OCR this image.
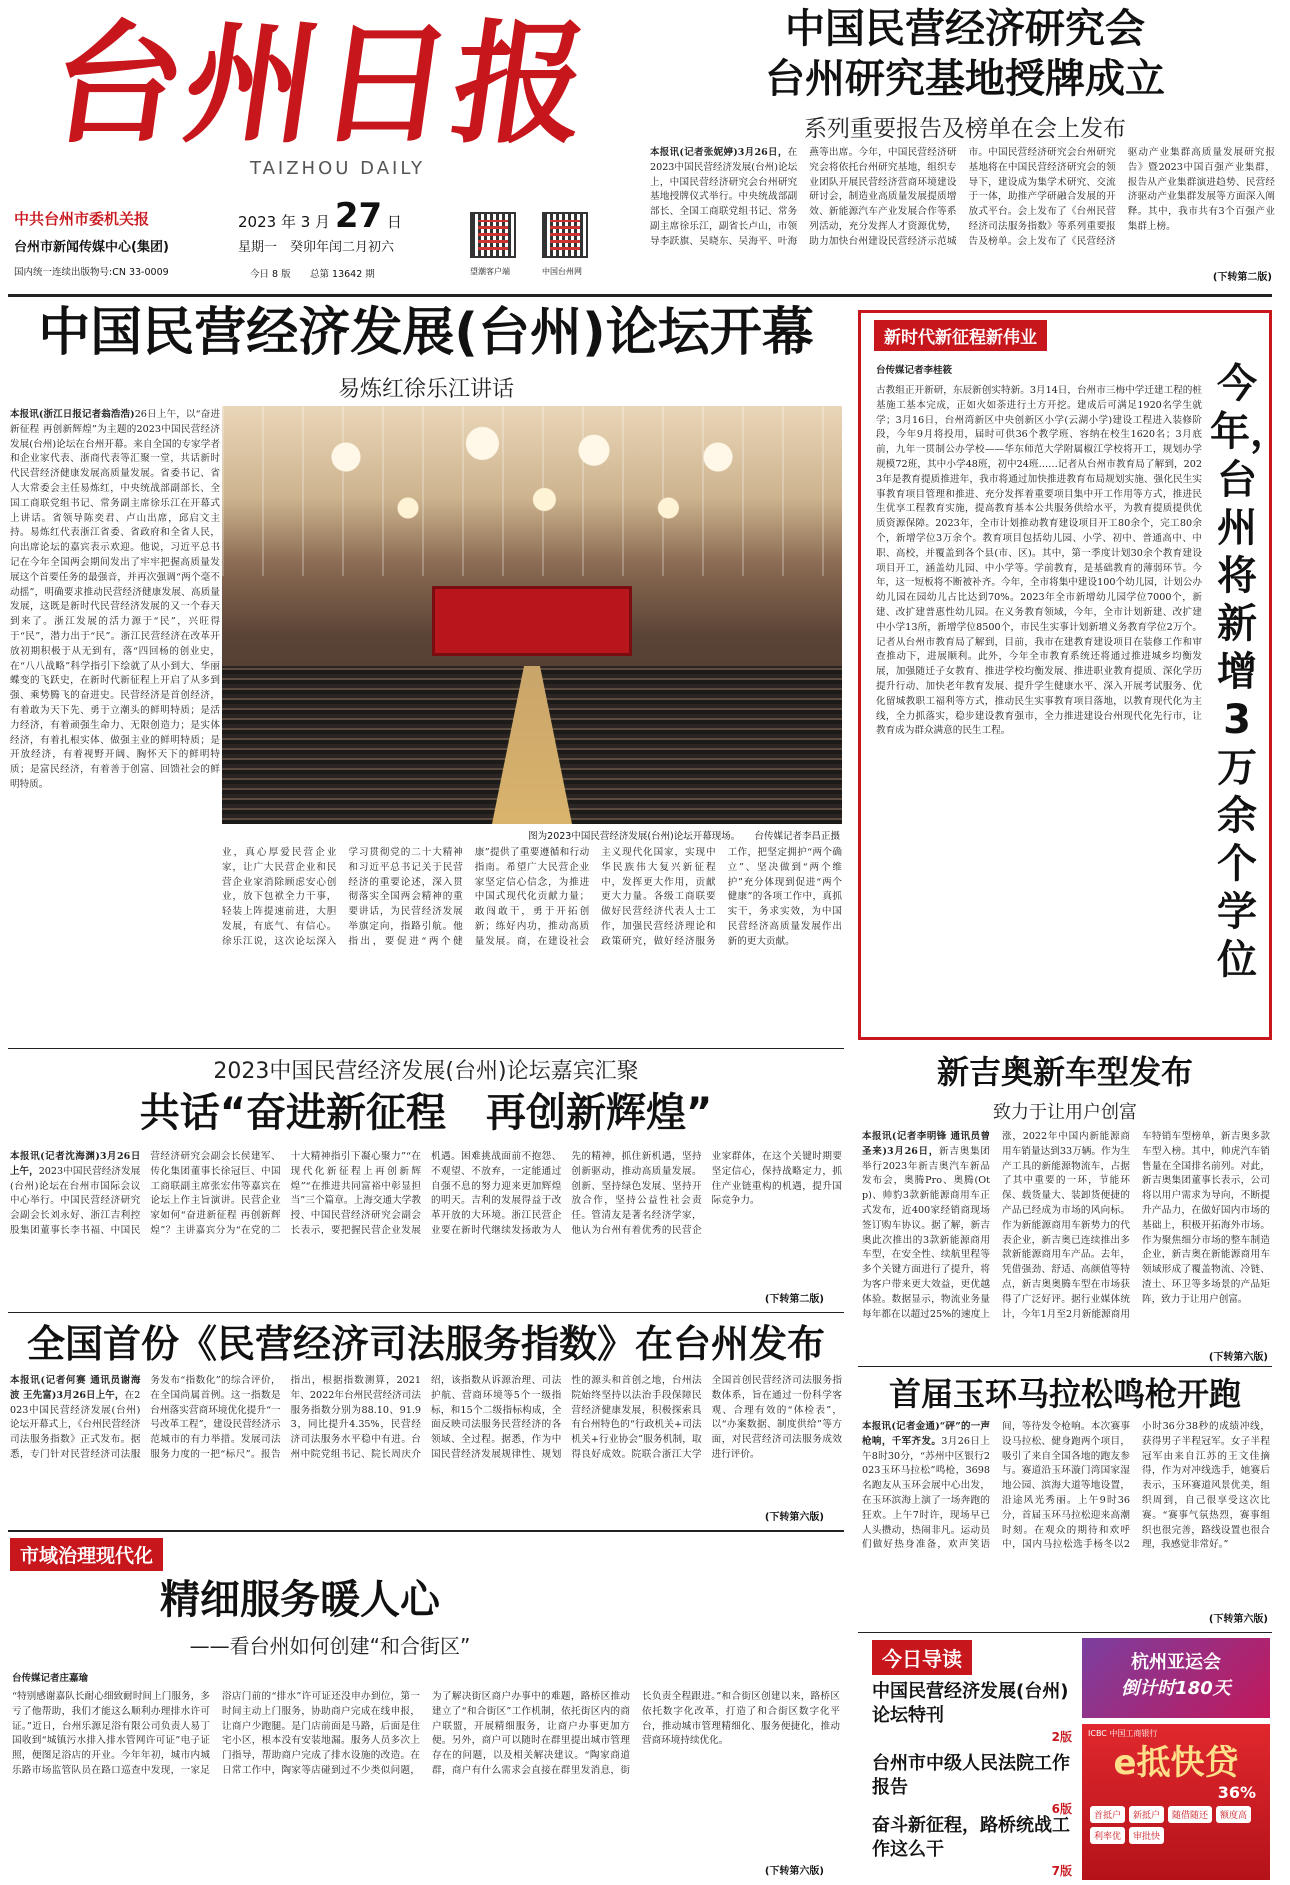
台州日报
TAIZHOU DAILY
中共台州市委机关报
台州市新闻传媒中心(集团)
国内统一连续出版物号:CN 33-0009
2023 年 3 月 27 日
星期一　癸卯年闰二月初六
今日 8 版 总第 13642 期	望潮客户端	中国台州网
中国民营经济研究会
台州研究基地授牌成立
系列重要报告及榜单在会上发布
本报讯(记者张妮婷)3月26日，在2023中国民营经济发展(台州)论坛上，中国民营经济研究会台州研究基地授牌仪式举行。中央统战部副部长、全国工商联党组书记、常务副主席徐乐江，副省长卢山，市领导李跃旗、吴晓东、吴海平、叶海燕等出席。今年，中国民营经济研究会将依托台州研究基地，组织专业团队开展民营经济营商环境建设研讨会，制造业高质量发展提质增效、新能源汽车产业发展合作等系列活动，充分发挥人才资源优势，助力加快台州建设民营经济示范城市。中国民营经济研究会台州研究基地将在中国民营经济研究会的领导下，建设成为集学术研究、交流于一体，助推产学研融合发展的开放式平台。会上发布了《台州民营经济司法服务指数》等系列重要报告及榜单。会上发布了《民营经济驱动产业集群高质量发展研究报告》暨2023中国百强产业集群，报告从产业集群演进趋势、民营经济驱动产业集群发展等方面深入阐释。其中，我市共有3个百强产业集群上榜。
(下转第二版)
中国民营经济发展(台州)论坛开幕
易炼红徐乐江讲话
本报讯(浙江日报记者翁浩浩)26日上午，以“奋进新征程 再创新辉煌”为主题的2023中国民营经济发展(台州)论坛在台州开幕。来自全国的专家学者和企业家代表、浙商代表等汇聚一堂，共话新时代民营经济健康发展高质量发展。省委书记、省人大常委会主任易炼红，中央统战部副部长、全国工商联党组书记、常务副主席徐乐江在开幕式上讲话。省领导陈奕君、卢山出席，邱启文主持。易炼红代表浙江省委、省政府和全省人民，向出席论坛的嘉宾表示欢迎。他说，习近平总书记在今年全国两会期间发出了牢牢把握高质量发展这个首要任务的最强音，并再次强调“两个毫不动摇”，明确要求推动民营经济健康发展、高质量发展，这既是新时代民营经济发展的又一个春天到来了。浙江发展的活力源于“民”，兴旺得于“民”，潜力出于“民”。浙江民营经济在改革开放初期积极于从无到有，落“四回杨的创业史，在“八八战略”科学指引下绘就了从小到大、华丽蝶变的飞跃史，在新时代新征程上开启了从多到强、乘势腾飞的奋进史。民营经济是首创经济，有着敢为天下先、勇于立潮头的鲜明特质；是活力经济，有着顽强生命力、无限创造力；是实体经济，有着扎根实体、做强主业的鲜明特质；是开放经济，有着视野开阔、胸怀天下的鲜明特质；是富民经济，有着善于创富、回馈社会的鲜明特质。
图为2023中国民营经济发展(台州)论坛开幕现场。　　台传媒记者李昌正摄
业，真心厚爱民营企业家，让广大民营企业和民营企业家消除顾虑安心创业，放下包袱全力干事，轻装上阵提速前进，大胆发展，有底气、有信心。徐乐江说，这次论坛深入学习贯彻党的二十大精神和习近平总书记关于民营经济的重要论述，深入贯彻落实全国两会精神的重要讲话，为民营经济发展举旗定向，指路引航。他指出，要促进“两个健康”提供了重要遵循和行动指南。希望广大民营企业家坚定信心信念，为推进中国式现代化贡献力量；敢闯敢干，勇于开拓创新；练好内功，推动高质量发展。商，在建设社会主义现代化国家，实现中华民族伟大复兴新征程中，发挥更大作用，贡献更大力量。各级工商联要做好民营经济代表人士工作，加强民营经济理论和政策研究，做好经济服务工作，把坚定拥护“两个确立”、坚决做到“两个维护”充分体现到促进“两个健康”的各项工作中，真抓实干，务求实效，为中国民营经济高质量发展作出新的更大贡献。
新时代新征程新伟业
台传媒记者李桂筱
古教组正开新研，东辰新创实特新。3月14日，台州市三梅中学迁建工程的桩基施工基本完成，正如火如荼进行土方开挖。建成后可满足1920名学生就学；3月16日，台州湾新区中央创新区小学(云湖小学)建设工程进入装修阶段，今年9月将投用，届时可供36个教学班、容纳在校生1620名；3月底前，九年一贯制公办学校——华东师范大学附属椒江学校将开工，规划办学规模72班，其中小学48班，初中24班……记者从台州市教育局了解到，2023年是教育提质推进年，我市将通过加快推进教育布局规划实施、强化民生实事教育项目管理和推进、充分发挥着重要项目集中开工作用等方式，推进民生优享工程教育实施，提高教育基本公共服务供给水平，为教育提质提供优质资源保障。2023年，全市计划推动教育建设项目开工80余个，完工80余个，新增学位3万余个。教育项目包括幼儿园、小学、初中、普通高中、中职、高校，并覆盖到各个县(市、区)。其中，第一季度计划30余个教育建设项目开工，涵盖幼儿园、中小学等。学前教育，是基础教育的薄弱环节。今年，这一短板将不断被补齐。今年，全市将集中建设100个幼儿园，计划公办幼儿园在园幼儿占比达到70%。2023年全市新增幼儿园学位7000个，新建、改扩建普惠性幼儿园。在义务教育领域，今年，全市计划新建、改扩建中小学13所，新增学位8500个，市民生实事计划新增义务教育学位2万个。记者从台州市教育局了解到，目前，我市在建教育建设项目在装修工作和审查推动下，进展顺利。此外，今年全市教育系统还将通过推进城乡均衡发展，加强随迁子女教育、推进学校均衡发展、推进职业教育提质、深化学历提升行动、加快老年教育发展、提升学生健康水平、深入开展考试服务、优化留城教职工福利等方式，推动民生实事教育项目落地，以教育现代化为主线，全力抓落实，稳步建设教育强市，全力推进建设台州现代化先行市，让教育成为群众满意的民生工程。
今年，台州将新增3万余个学位
2023中国民营经济发展(台州)论坛嘉宾汇聚
共话“奋进新征程　再创新辉煌”
本报讯(记者沈海渊)3月26日上午，2023中国民营经济发展(台州)论坛在台州市国际会议中心举行。中国民营经济研究会副会长刘永好、浙江吉利控股集团董事长李书福、中国民营经济研究会副会长侯建军、传化集团董事长徐冠巨、中国工商联副主席张宏伟等嘉宾在论坛上作主旨演讲。民营企业家如何“奋进新征程 再创新辉煌”？主讲嘉宾分为“在党的二十大精神指引下凝心聚力”“在现代化新征程上再创新辉煌”“在推进共同富裕中彰显担当”三个篇章。上海交通大学教授、中国民营经济研究会副会长表示，要把握民营企业发展机遇。困难挑战面前不抱怨、不观望、不放弃，一定能通过自强不息的努力迎来更加辉煌的明天。吉利的发展得益于改革开放的大环境。浙江民营企业要在新时代继续发扬敢为人先的精神，抓住新机遇，坚持创新驱动，推动高质量发展。创新、坚持绿色发展、坚持开放合作，坚持公益性社会责任。管清友是著名经济学家，他认为台州有着优秀的民营企业家群体，在这个关键时期要坚定信心，保持战略定力，抓住产业链重构的机遇，提升国际竞争力。
(下转第二版)
全国首份《民营经济司法服务指数》在台州发布
本报讯(记者何赛 通讯员谢海波 王先富)3月26日上午，在2023中国民营经济发展(台州)论坛开幕式上，《台州民营经济司法服务指数》正式发布。据悉，专门针对民营经济司法服务发布“指数化”的综合评价，在全国尚属首例。这一指数是台州落实营商环境优化提升“一号改革工程”，建设民营经济示范城市的有力举措。发展司法服务力度的一把“标尺”。报告指出，根据指数测算，2021年、2022年台州民营经济司法服务指数分别为88.10、91.93，同比提升4.35%，民营经济司法服务水平稳中有进。台州中院党组书记、院长周庆介绍，该指数从诉源治理、司法护航、营商环境等5个一级指标，和15个二级指标构成，全面反映司法服务民营经济的各领域、全过程。据悉，作为中国民营经济发展规律性、规划性的源头和首创之地，台州法院始终坚持以法治手段保障民营经济健康发展，积极探索具有台州特色的“行政机关+司法机关+行业协会”服务机制，取得良好成效。院联合浙江大学全国首创民营经济司法服务指数体系，旨在通过一份科学客观、合理有效的“体检表”，以“办案数据、制度供给”等方面，对民营经济司法服务成效进行评价。
(下转第六版)
新吉奥新车型发布
致力于让用户创富
本报讯(记者李明锋 通讯员曾圣来)3月26日，新吉奥集团举行2023年新吉奥汽车新品发布会，奥腾Pro、奥腾(Otp)、帅豹3款新能源商用车正式发布，近400家经销商现场签订购车协议。据了解，新吉奥此次推出的3款新能源商用车型，在安全性、续航里程等多个关键方面进行了提升，将为客户带来更大效益，更优越体验。数据显示，物流业务量每年都在以超过25%的速度上涨，2022年中国内新能源商用车销量达到33万辆。作为生产工具的新能源物流车，占据了其中重要的一环，节能环保、载货量大、装卸货便捷的产品已经成为市场的风向标。作为新能源商用车新势力的代表企业，新吉奥已连续推出多款新能源商用车产品。去年，凭借强劲、舒适、高颜值等特点，新吉奥奥腾车型在市场获得了广泛好评。据行业媒体统计，今年1月至2月新能源商用车特销车型榜单，新吉奥多款车型入榜。其中，帅虎汽车销售量在全国排名前列。对此，新吉奥集团董事长表示，公司将以用户需求为导向，不断提升产品力，在做好国内市场的基础上，积极开拓海外市场。作为聚焦细分市场的整车制造企业，新吉奥在新能源商用车领域形成了覆盖物流、冷链、渣土、环卫等多场景的产品矩阵，致力于让用户创富。
(下转第六版)
首届玉环马拉松鸣枪开跑
本报讯(记者金通)“砰”的一声枪响，千军齐发。3月26日上午8时30分，“苏州中区银行2023玉环马拉松”鸣枪，3698名跑友从玉环会展中心出发，在玉环滨海上演了一场奔跑的狂欢。上午7时许，现场早已人头攒动，热闹非凡。运动员们做好热身准备，欢声笑语间，等待发令枪响。本次赛事设马拉松、健身跑两个项目，吸引了来自全国各地的跑友参与。赛道沿玉环漩门湾国家湿地公园、滨海大道等地设置，沿途风光秀丽。上午9时36分，首届玉环马拉松迎来高潮时刻。在观众的期待和欢呼中，国内马拉松选手杨冬以2小时36分38秒的成绩冲线，获得男子半程冠军。女子半程冠军由来自江苏的王文佳摘得，作为对冲线选手，她赛后表示，玉环赛道风景优美，组织周到，自己很享受这次比赛。“赛事气氛热烈，赛事组织也很完善，路线设置也很合理，我感觉非常好。”
(下转第六版)
市域治理现代化
精细服务暖人心
——看台州如何创建“和合街区”
台传媒记者庄嘉瑜
“特别感谢嘉队长耐心细致耐时间上门服务，多亏了他帮助，我们才能这么顺利办理排水许可证。”近日，台州乐源足浴有限公司负责人易丁国收到“城镇污水排入排水管网许可证”电子证照，便图足浴店的开业。今年年初，城市内城乐路市场监管队员在路口巡查中发现，一家足浴店门前的“排水”许可证还没申办到位，第一时间主动上门服务，协助商户完成在线申报，让商户少跑腿。是门店前面是马路，后面是住宅小区，根本没有安装地漏。服务人员多次上门指导，帮助商户完成了排水设施的改造。在日常工作中，陶家等店碰到过不少类似问题，为了解决街区商户办事中的难题，路桥区推动建立了“和合街区”工作机制，依托街区内的商户联盟，开展精细服务，让商户办事更加方便。另外，商户可以随时在群里提出城市管理存在的问题，以及相关解决建议。“陶家商道群，商户有什么需求会直接在群里发消息，街长负责全程跟进。”和合街区创建以来，路桥区依托数字化改革，打造了和合街区数字化平台，推动城市管理精细化、服务便捷化，推动营商环境持续优化。
(下转第六版)
今日导读
中国民营经济发展(台州)论坛特刊
2版
台州市中级人民法院工作报告
6版
奋斗新征程，路桥统战工作这么干
7版
杭州亚运会
倒计时180天
ICBC 中国工商银行
e抵快贷
36%
首抵户	新抵户	随借随还	额度高
利率优	审批快
